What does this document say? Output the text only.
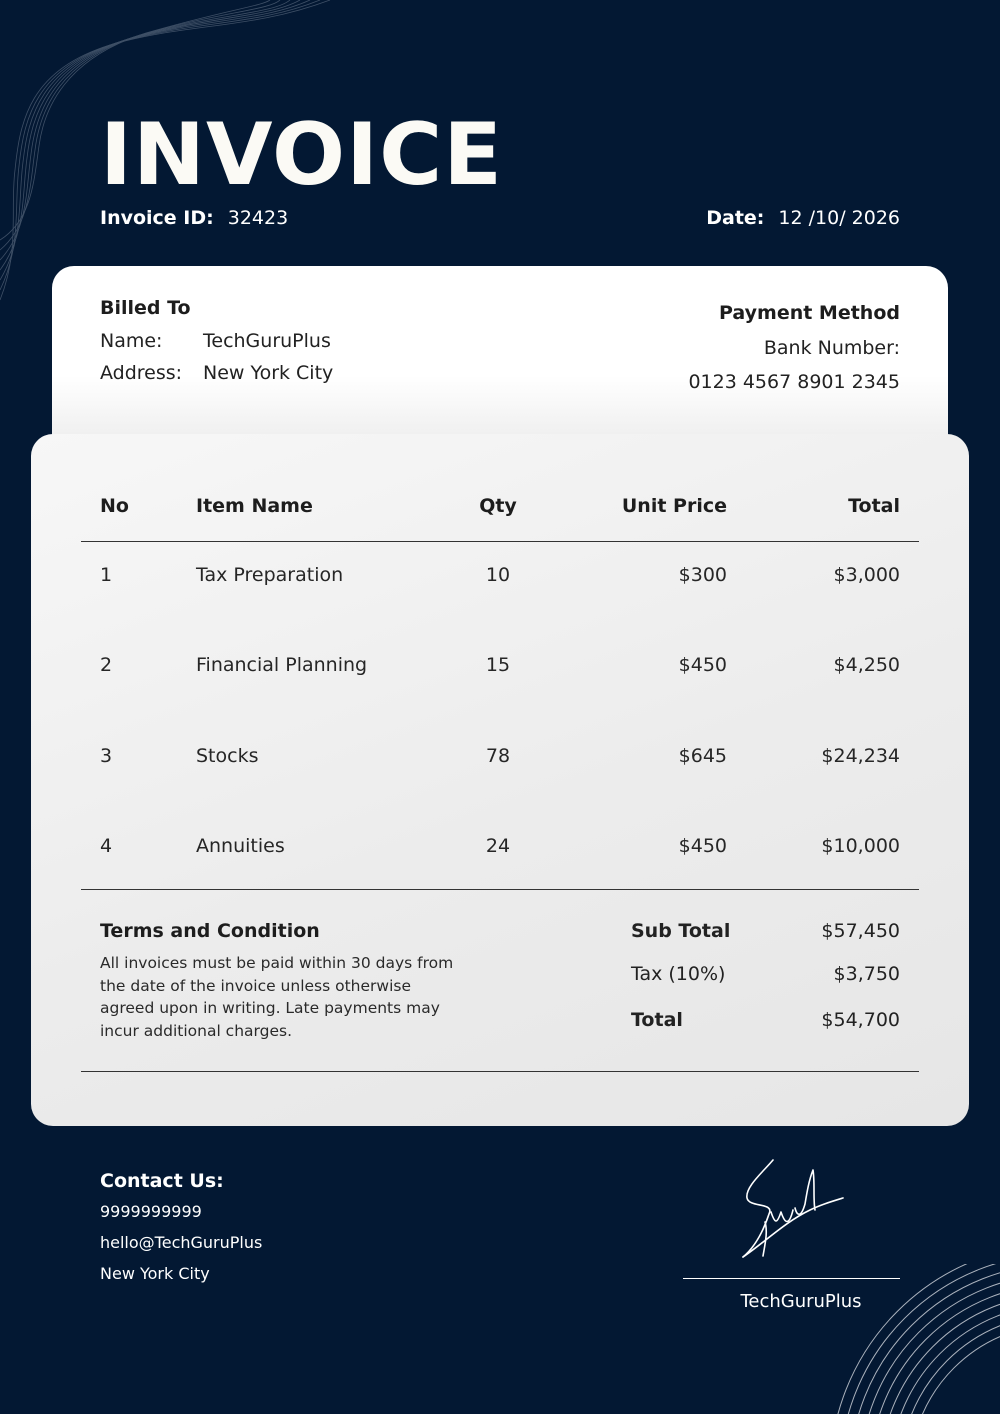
INVOICE
Invoice ID: 32423	Date: 12 /10/ 2026
Billed To
Name: TechGuruPlus
Address: New York City
Payment Method
Bank Number:
0123 4567 8901 2345
No	Item Name	Qty	Unit Price	Total
1	Tax Preparation	10	$300	$3,000
2	Financial Planning	15	$450	$4,250
3	Stocks	78	$645	$24,234
4	Annuities	24	$450	$10,000
Terms and Condition
All invoices must be paid within 30 days from the date of the invoice unless otherwise agreed upon in writing. Late payments may incur additional charges.
Sub Total	$57,450
Tax (10%)	$3,750
Total	$54,700
Contact Us:
9999999999
hello@TechGuruPlus
New York City
TechGuruPlus
